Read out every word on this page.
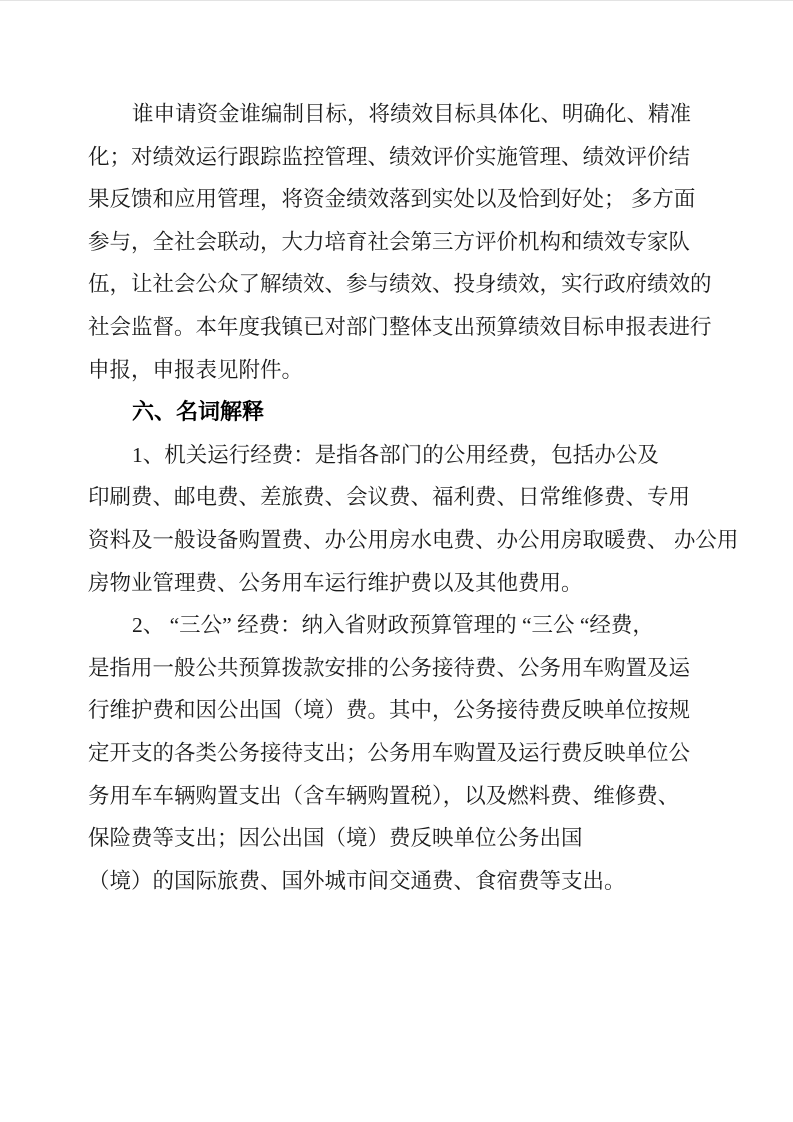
谁申请资金谁编制目标，将绩效目标具体化、明确化、精准
化；对绩效运行跟踪监控管理、绩效评价实施管理、绩效评价结
果反馈和应用管理，将资金绩效落到实处以及恰到好处； 多方面
参与，全社会联动，大力培育社会第三方评价机构和绩效专家队
伍，让社会公众了解绩效、参与绩效、投身绩效，实行政府绩效的
社会监督。本年度我镇已对部门整体支出预算绩效目标申报表进行
申报，申报表见附件。
六、名词解释
1、机关运行经费：是指各部门的公用经费，包括办公及
印刷费、邮电费、差旅费、会议费、福利费、日常维修费、专用
资料及一般设备购置费、办公用房水电费、办公用房取暖费、 办公用
房物业管理费、公务用车运行维护费以及其他费用。
2、 “三公” 经费：纳入省财政预算管理的 “三公 “经费，
是指用一般公共预算拨款安排的公务接待费、公务用车购置及运
行维护费和因公出国（境）费。其中，公务接待费反映单位按规
定开支的各类公务接待支出；公务用车购置及运行费反映单位公
务用车车辆购置支出（含车辆购置税），以及燃料费、维修费、
保险费等支出；因公出国（境）费反映单位公务出国
（境）的国际旅费、国外城市间交通费、食宿费等支出。
